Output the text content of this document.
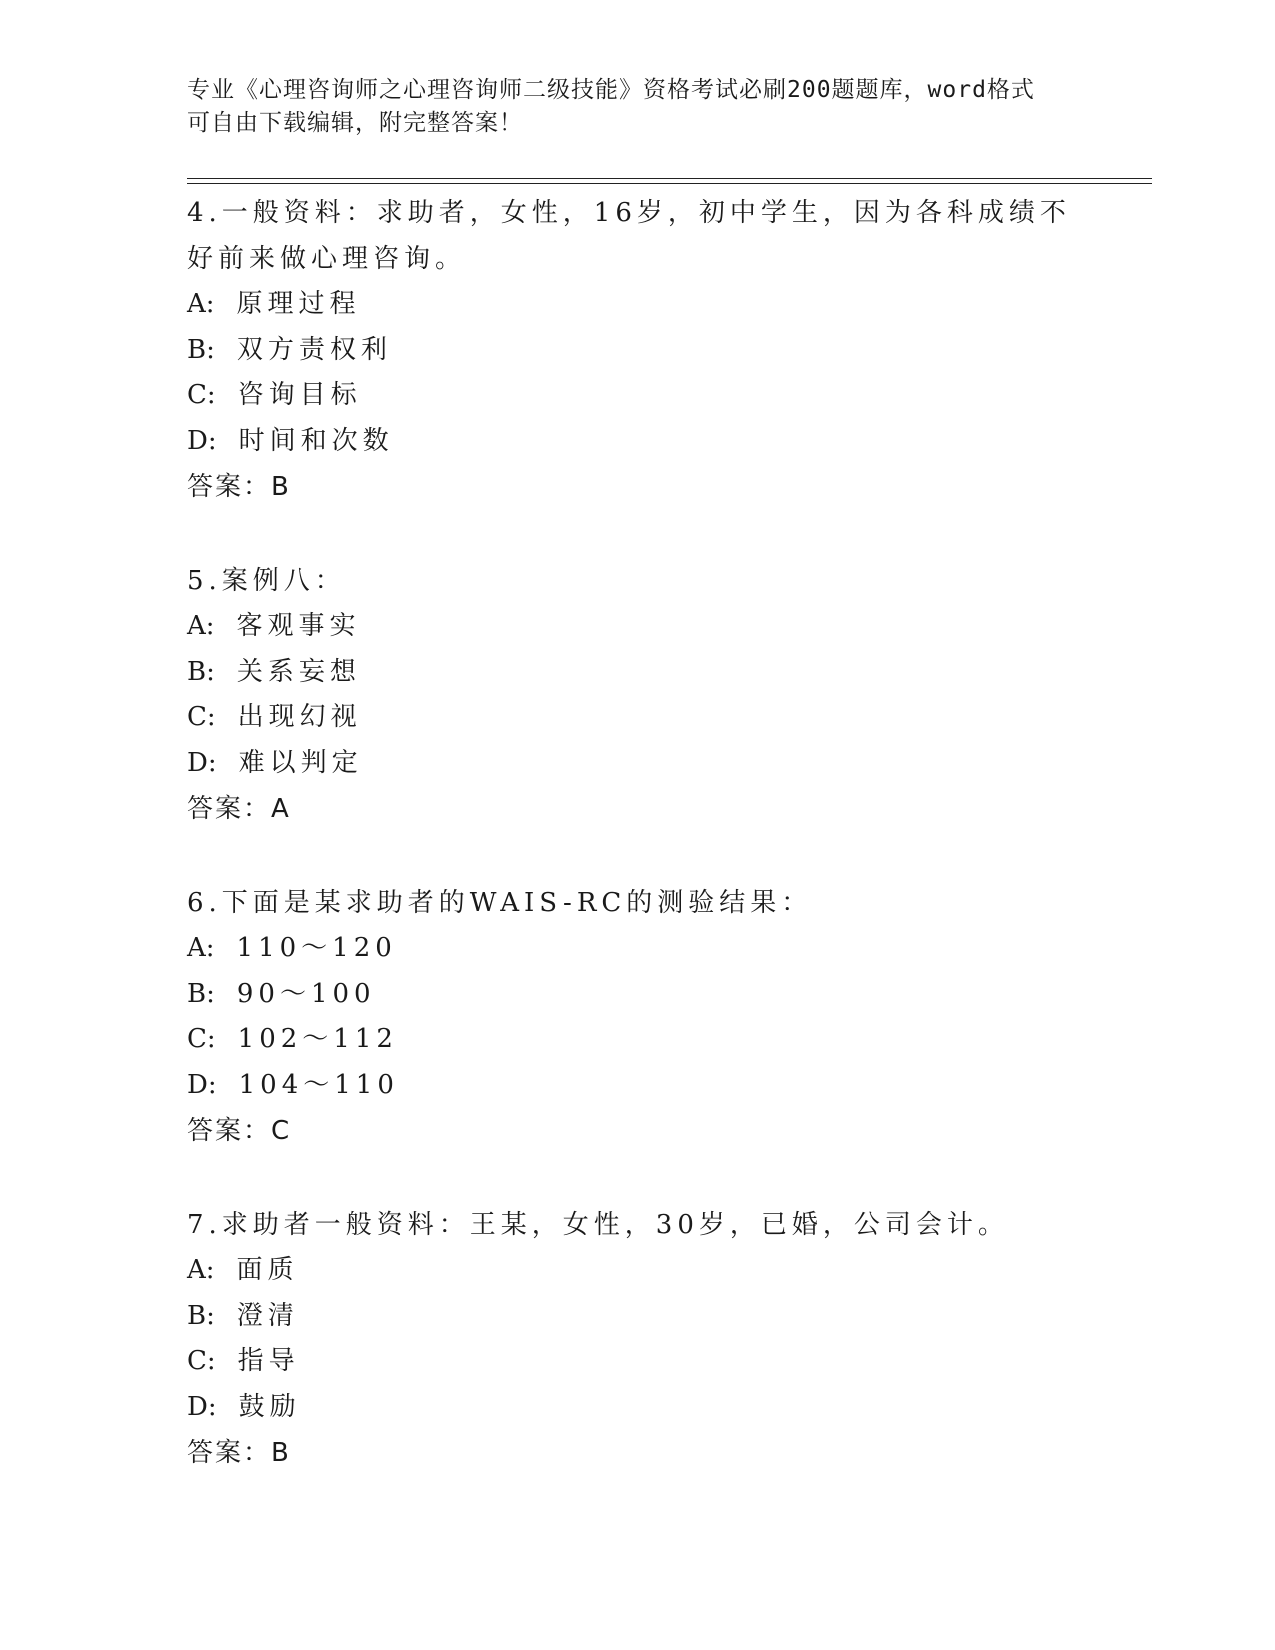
专业《心理咨询师之心理咨询师二级技能》资格考试必刷200题题库，word格式
可自由下载编辑，附完整答案！

4.一般资料：求助者，女性，16岁，初中学生，因为各科成绩不好前来做心理咨询。

A: 原理过程

B: 双方责权利

C: 咨询目标

D: 时间和次数

答案：B

5.案例八：

A: 客观事实

B: 关系妄想

C: 出现幻视

D: 难以判定

答案：A

6.下面是某求助者的WAIS-RC的测验结果：

A: 110～120

B: 90～100

C: 102～112

D: 104～110

答案：C

7.求助者一般资料：王某，女性，30岁，已婚，公司会计。

A: 面质

B: 澄清

C: 指导

D: 鼓励

答案：B
